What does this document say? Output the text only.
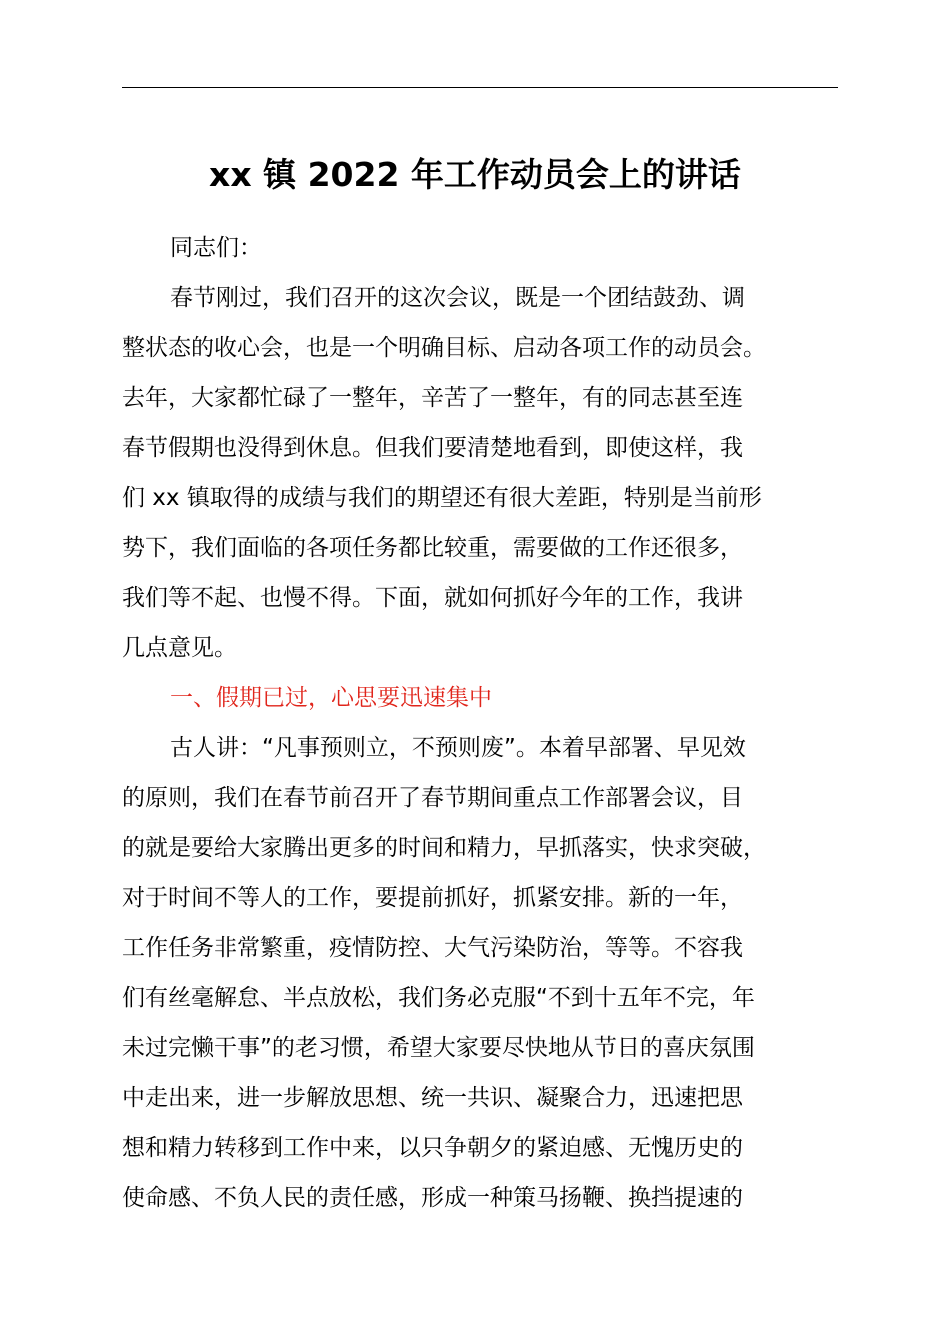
xx 镇 2022 年工作动员会上的讲话

同志们：

春节刚过，我们召开的这次会议，既是一个团结鼓劲、调
整状态的收心会，也是一个明确目标、启动各项工作的动员会。
去年，大家都忙碌了一整年，辛苦了一整年，有的同志甚至连
春节假期也没得到休息。但我们要清楚地看到，即使这样，我
们 xx 镇取得的成绩与我们的期望还有很大差距，特别是当前形
势下，我们面临的各项任务都比较重，需要做的工作还很多，
我们等不起、也慢不得。下面，就如何抓好今年的工作，我讲
几点意见。

一、假期已过，心思要迅速集中

古人讲：“凡事预则立，不预则废”。本着早部署、早见效
的原则，我们在春节前召开了春节期间重点工作部署会议，目
的就是要给大家腾出更多的时间和精力，早抓落实，快求突破，
对于时间不等人的工作，要提前抓好，抓紧安排。新的一年，
工作任务非常繁重，疫情防控、大气污染防治，等等。不容我
们有丝毫解怠、半点放松，我们务必克服“不到十五年不完，年
未过完懒干事”的老习惯，希望大家要尽快地从节日的喜庆氛围
中走出来，进一步解放思想、统一共识、凝聚合力，迅速把思
想和精力转移到工作中来，以只争朝夕的紧迫感、无愧历史的
使命感、不负人民的责任感，形成一种策马扬鞭、换挡提速的
